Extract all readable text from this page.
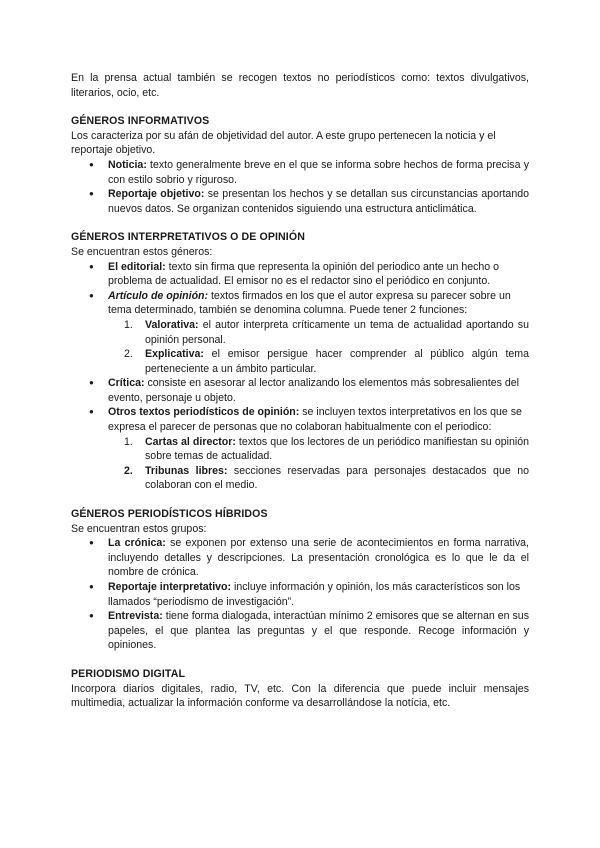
En la prensa actual también se recogen textos no periodísticos como: textos divulgativos, literarios, ocio, etc.

GÉNEROS INFORMATIVOS

Los caracteriza por su afán de objetividad del autor. A este grupo pertenecen la noticia y el reportaje objetivo.

● Noticia: texto generalmente breve en el que se informa sobre hechos de forma precisa y con estilo sobrio y riguroso.
● Reportaje objetivo: se presentan los hechos y se detallan sus circunstancias aportando nuevos datos. Se organizan contenidos siguiendo una estructura anticlimática.
GÉNEROS INTERPRETATIVOS O DE OPINIÓN

Se encuentran estos géneros:

● El editorial: texto sin firma que representa la opinión del periodico ante un hecho o problema de actualidad. El emisor no es el redactor sino el periódico en conjunto.
● Artículo de opinión: textos firmados en los que el autor expresa su parecer sobre un tema determinado, también se denomina columna. Puede tener 2 funciones:
1. Valorativa: el autor interpreta críticamente un tema de actualidad aportando su opinión personal.
2. Explicativa: el emisor persigue hacer comprender al público algún tema perteneciente a un ámbito particular.
● Crítica: consiste en asesorar al lector analizando los elementos más sobresalientes del evento, personaje u objeto.
● Otros textos periodísticos de opinión: se incluyen textos interpretativos en los que se expresa el parecer de personas que no colaboran habitualmente con el periodico:
1. Cartas al director: textos que los lectores de un periódico manifiestan su opinión sobre temas de actualidad.
2. Tribunas libres: secciones reservadas para personajes destacados que no colaboran con el medio.
GÉNEROS PERIODÍSTICOS HÍBRIDOS

Se encuentran estos grupos:

● La crónica: se exponen por extenso una serie de acontecimientos en forma narrativa, incluyendo detalles y descripciones. La presentación cronológica es lo que le da el nombre de crónica.
● Reportaje interpretativo: incluye información y opinión, los más característicos son los llamados “periodismo de investigación”.
● Entrevista: tiene forma dialogada, interactúan mínimo 2 emisores que se alternan en sus papeles, el que plantea las preguntas y el que responde. Recoge información y opiniones.
PERIODISMO DIGITAL

Incorpora diarios digitales, radio, TV, etc. Con la diferencia que puede incluir mensajes multimedia, actualizar la información conforme va desarrollándose la notícia, etc.
